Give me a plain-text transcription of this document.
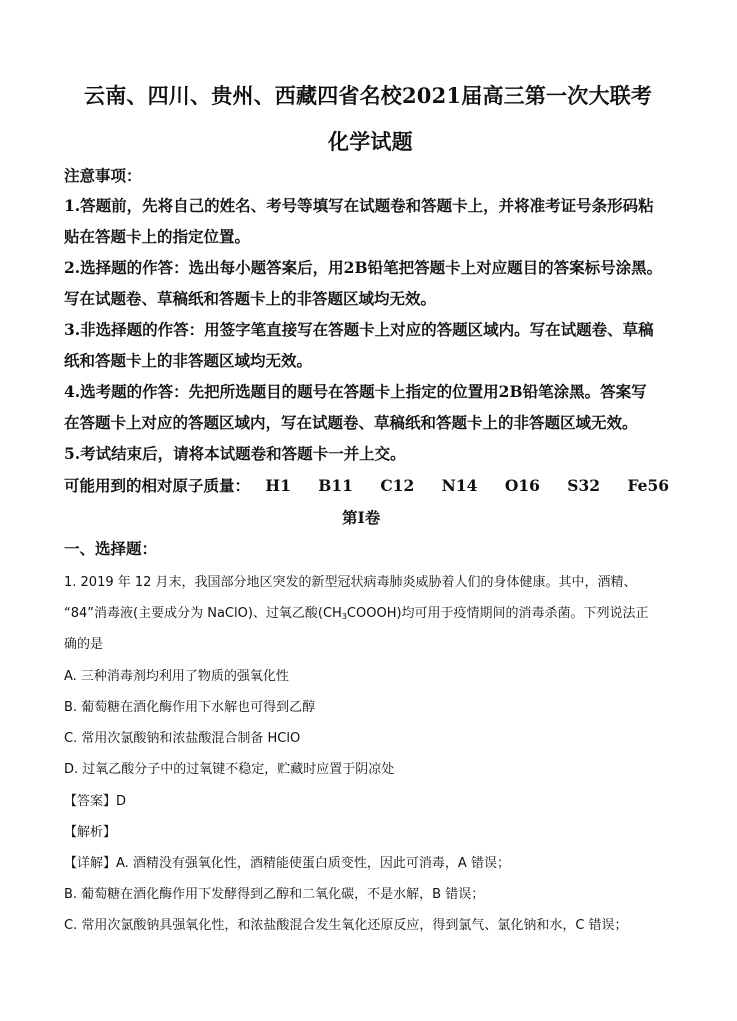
云南、四川、贵州、西藏四省名校2021届高三第一次大联考
化学试题
注意事项：
1.答题前，先将自己的姓名、考号等填写在试题卷和答题卡上，并将准考证号条形码粘
贴在答题卡上的指定位置。
2.选择题的作答：选出每小题答案后，用2B铅笔把答题卡上对应题目的答案标号涂黑。
写在试题卷、草稿纸和答题卡上的非答题区域均无效。
3.非选择题的作答：用签字笔直接写在答题卡上对应的答题区域内。写在试题卷、草稿
纸和答题卡上的非答题区域均无效。
4.选考题的作答：先把所选题目的题号在答题卡上指定的位置用2B铅笔涂黑。答案写
在答题卡上对应的答题区域内，写在试题卷、草稿纸和答题卡上的非答题区域无效。
5.考试结束后，请将本试题卷和答题卡一并上交。
可能用到的相对原子质量： H1 B11 C12 N14 O16 S32 Fe56
第I卷
一、选择题：
1. 2019 年 12 月末，我国部分地区突发的新型冠状病毒肺炎威胁着人们的身体健康。其中，酒精、
“84”消毒液(主要成分为 NaClO)、过氧乙酸$(CH_3COOOH)$均可用于疫情期间的消毒杀菌。下列说法正
确的是
A. 三种消毒剂均利用了物质的强氧化性
B. 葡萄糖在酒化酶作用下水解也可得到乙醇
C. 常用次氯酸钠和浓盐酸混合制备 HClO
D. 过氧乙酸分子中的过氧键不稳定，贮藏时应置于阴凉处
【答案】D
【解析】
【详解】A. 酒精没有强氧化性，酒精能使蛋白质变性，因此可消毒，A 错误；
B. 葡萄糖在酒化酶作用下发酵得到乙醇和二氧化碳，不是水解，B 错误；
C. 常用次氯酸钠具强氧化性，和浓盐酸混合发生氧化还原反应，得到氯气、氯化钠和水，C 错误；
